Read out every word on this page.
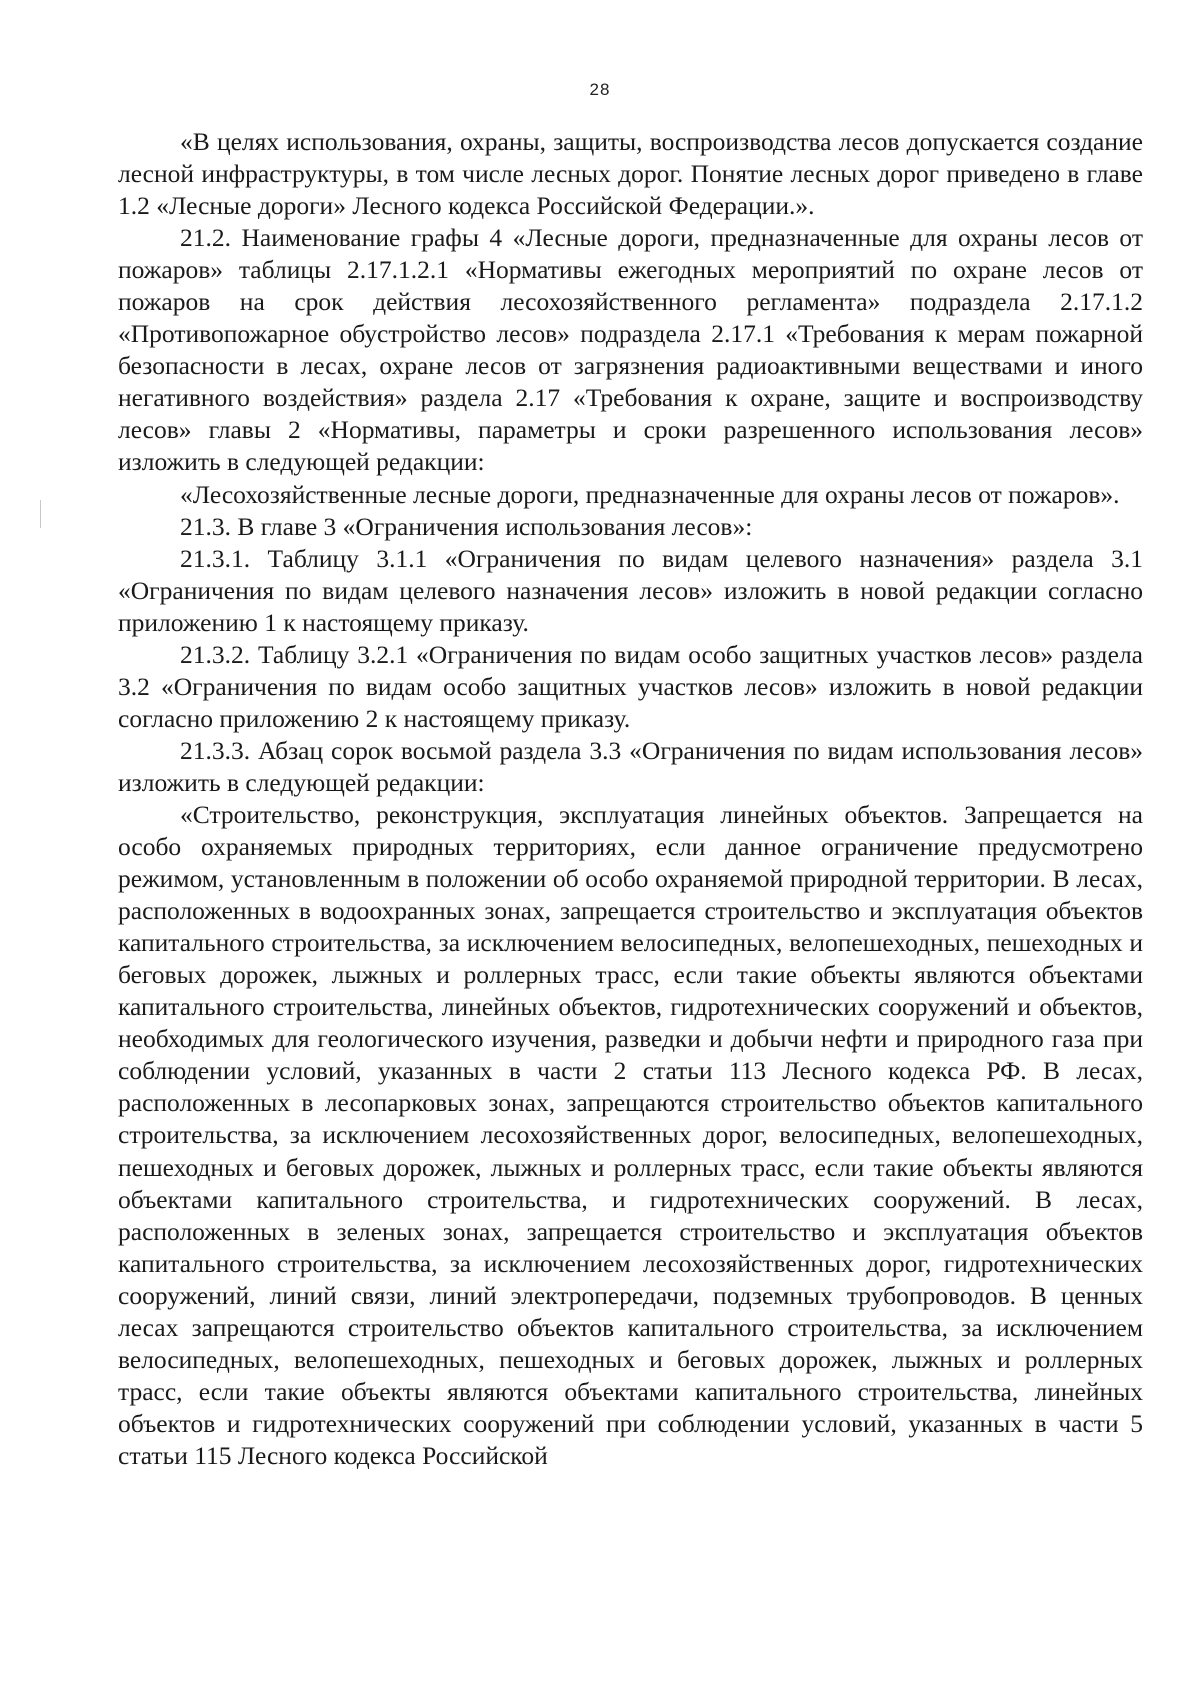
28

«В целях использования, охраны, защиты, воспроизводства лесов допускается создание лесной инфраструктуры, в том числе лесных дорог. Понятие лесных дорог приведено в главе 1.2 «Лесные дороги» Лесного кодекса Российской Федерации.».

21.2. Наименование графы 4 «Лесные дороги, предназначенные для охраны лесов от пожаров» таблицы 2.17.1.2.1 «Нормативы ежегодных мероприятий по охране лесов от пожаров на срок действия лесохозяйственного регламента» подраздела 2.17.1.2 «Противопожарное обустройство лесов» подраздела 2.17.1 «Требования к мерам пожарной безопасности в лесах, охране лесов от загрязнения радиоактивными веществами и иного негативного воздействия» раздела 2.17 «Требования к охране, защите и воспроизводству лесов» главы 2 «Нормативы, параметры и сроки разрешенного использования лесов» изложить в следующей редакции:

«Лесохозяйственные лесные дороги, предназначенные для охраны лесов от пожаров».

21.3. В главе 3 «Ограничения использования лесов»:

21.3.1. Таблицу 3.1.1 «Ограничения по видам целевого назначения» раздела 3.1 «Ограничения по видам целевого назначения лесов» изложить в новой редакции согласно приложению 1 к настоящему приказу.

21.3.2. Таблицу 3.2.1 «Ограничения по видам особо защитных участков лесов» раздела 3.2 «Ограничения по видам особо защитных участков лесов» изложить в новой редакции согласно приложению 2 к настоящему приказу.

21.3.3. Абзац сорок восьмой раздела 3.3 «Ограничения по видам использования лесов» изложить в следующей редакции:

«Строительство, реконструкция, эксплуатация линейных объектов. Запрещается на особо охраняемых природных территориях, если данное ограничение предусмотрено режимом, установленным в положении об особо охраняемой природной территории. В лесах, расположенных в водоохранных зонах, запрещается строительство и эксплуатация объектов капитального строительства, за исключением велосипедных, велопешеходных, пешеходных и беговых дорожек, лыжных и роллерных трасс, если такие объекты являются объектами капитального строительства, линейных объектов, гидротехнических сооружений и объектов, необходимых для геологического изучения, разведки и добычи нефти и природного газа при соблюдении условий, указанных в части 2 статьи 113 Лесного кодекса РФ. В лесах, расположенных в лесопарковых зонах, запрещаются строительство объектов капитального строительства, за исключением лесохозяйственных дорог, велосипедных, велопешеходных, пешеходных и беговых дорожек, лыжных и роллерных трасс, если такие объекты являются объектами капитального строительства, и гидротехнических сооружений. В лесах, расположенных в зеленых зонах, запрещается строительство и эксплуатация объектов капитального строительства, за исключением лесохозяйственных дорог, гидротехнических сооружений, линий связи, линий электропередачи, подземных трубопроводов. В ценных лесах запрещаются строительство объектов капитального строительства, за исключением велосипедных, велопешеходных, пешеходных и беговых дорожек, лыжных и роллерных трасс, если такие объекты являются объектами капитального строительства, линейных объектов и гидротехнических сооружений при соблюдении условий, указанных в части 5 статьи 115 Лесного кодекса Российской
